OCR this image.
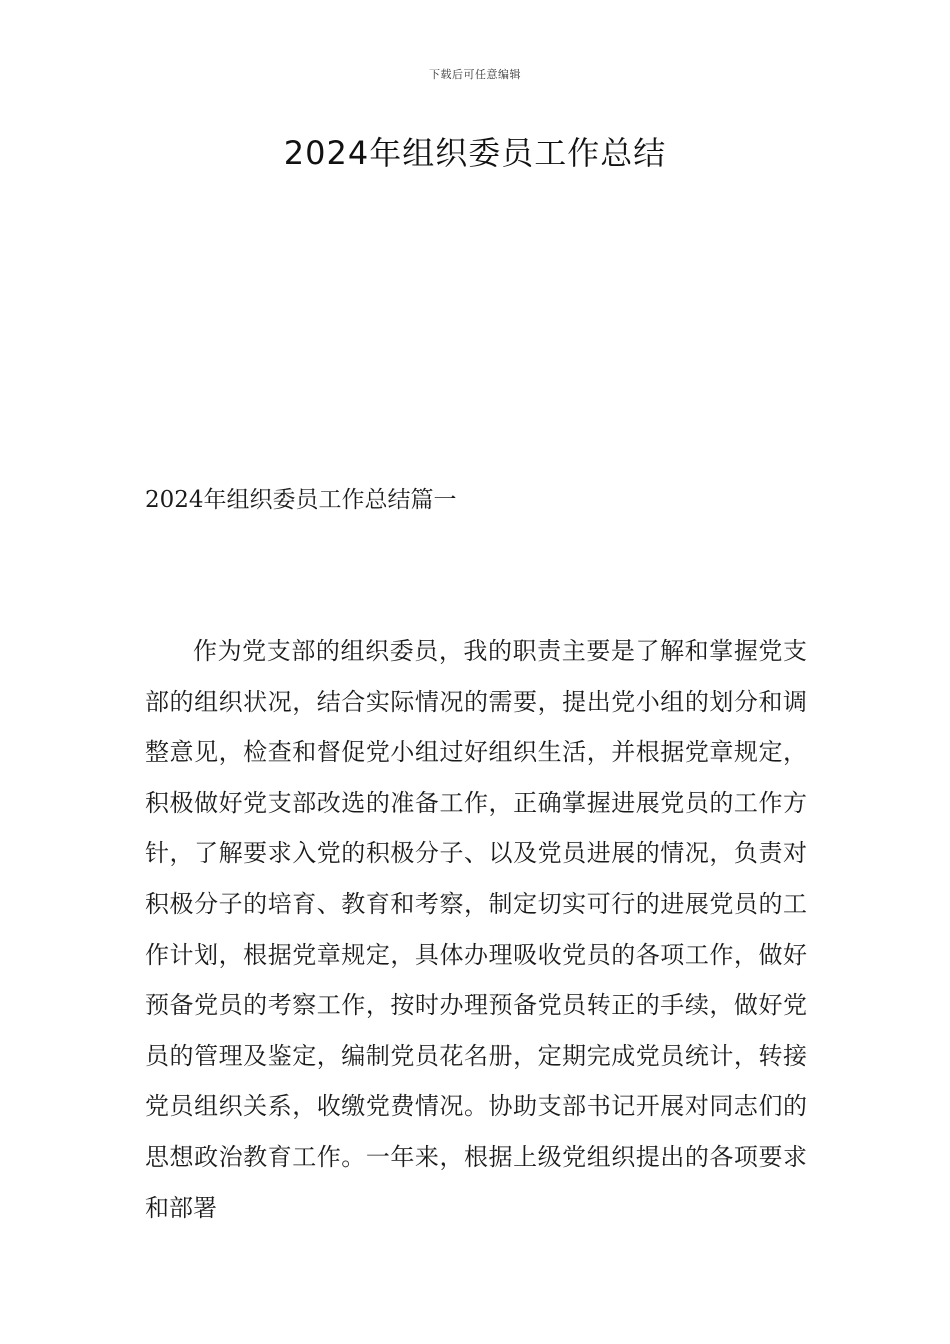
下载后可任意编辑
2024年组织委员工作总结
2024年组织委员工作总结篇一

作为党支部的组织委员，我的职责主要是了解和掌握党支部的组织状况，结合实际情况的需要，提出党小组的划分和调整意见，检查和督促党小组过好组织生活，并根据党章规定，积极做好党支部改选的准备工作，正确掌握进展党员的工作方针，了解要求入党的积极分子、以及党员进展的情况，负责对积极分子的培育、教育和考察，制定切实可行的进展党员的工作计划，根据党章规定，具体办理吸收党员的各项工作，做好预备党员的考察工作，按时办理预备党员转正的手续，做好党员的管理及鉴定，编制党员花名册，定期完成党员统计，转接党员组织关系，收缴党费情况。协助支部书记开展对同志们的思想政治教育工作。一年来，根据上级党组织提出的各项要求和部署
